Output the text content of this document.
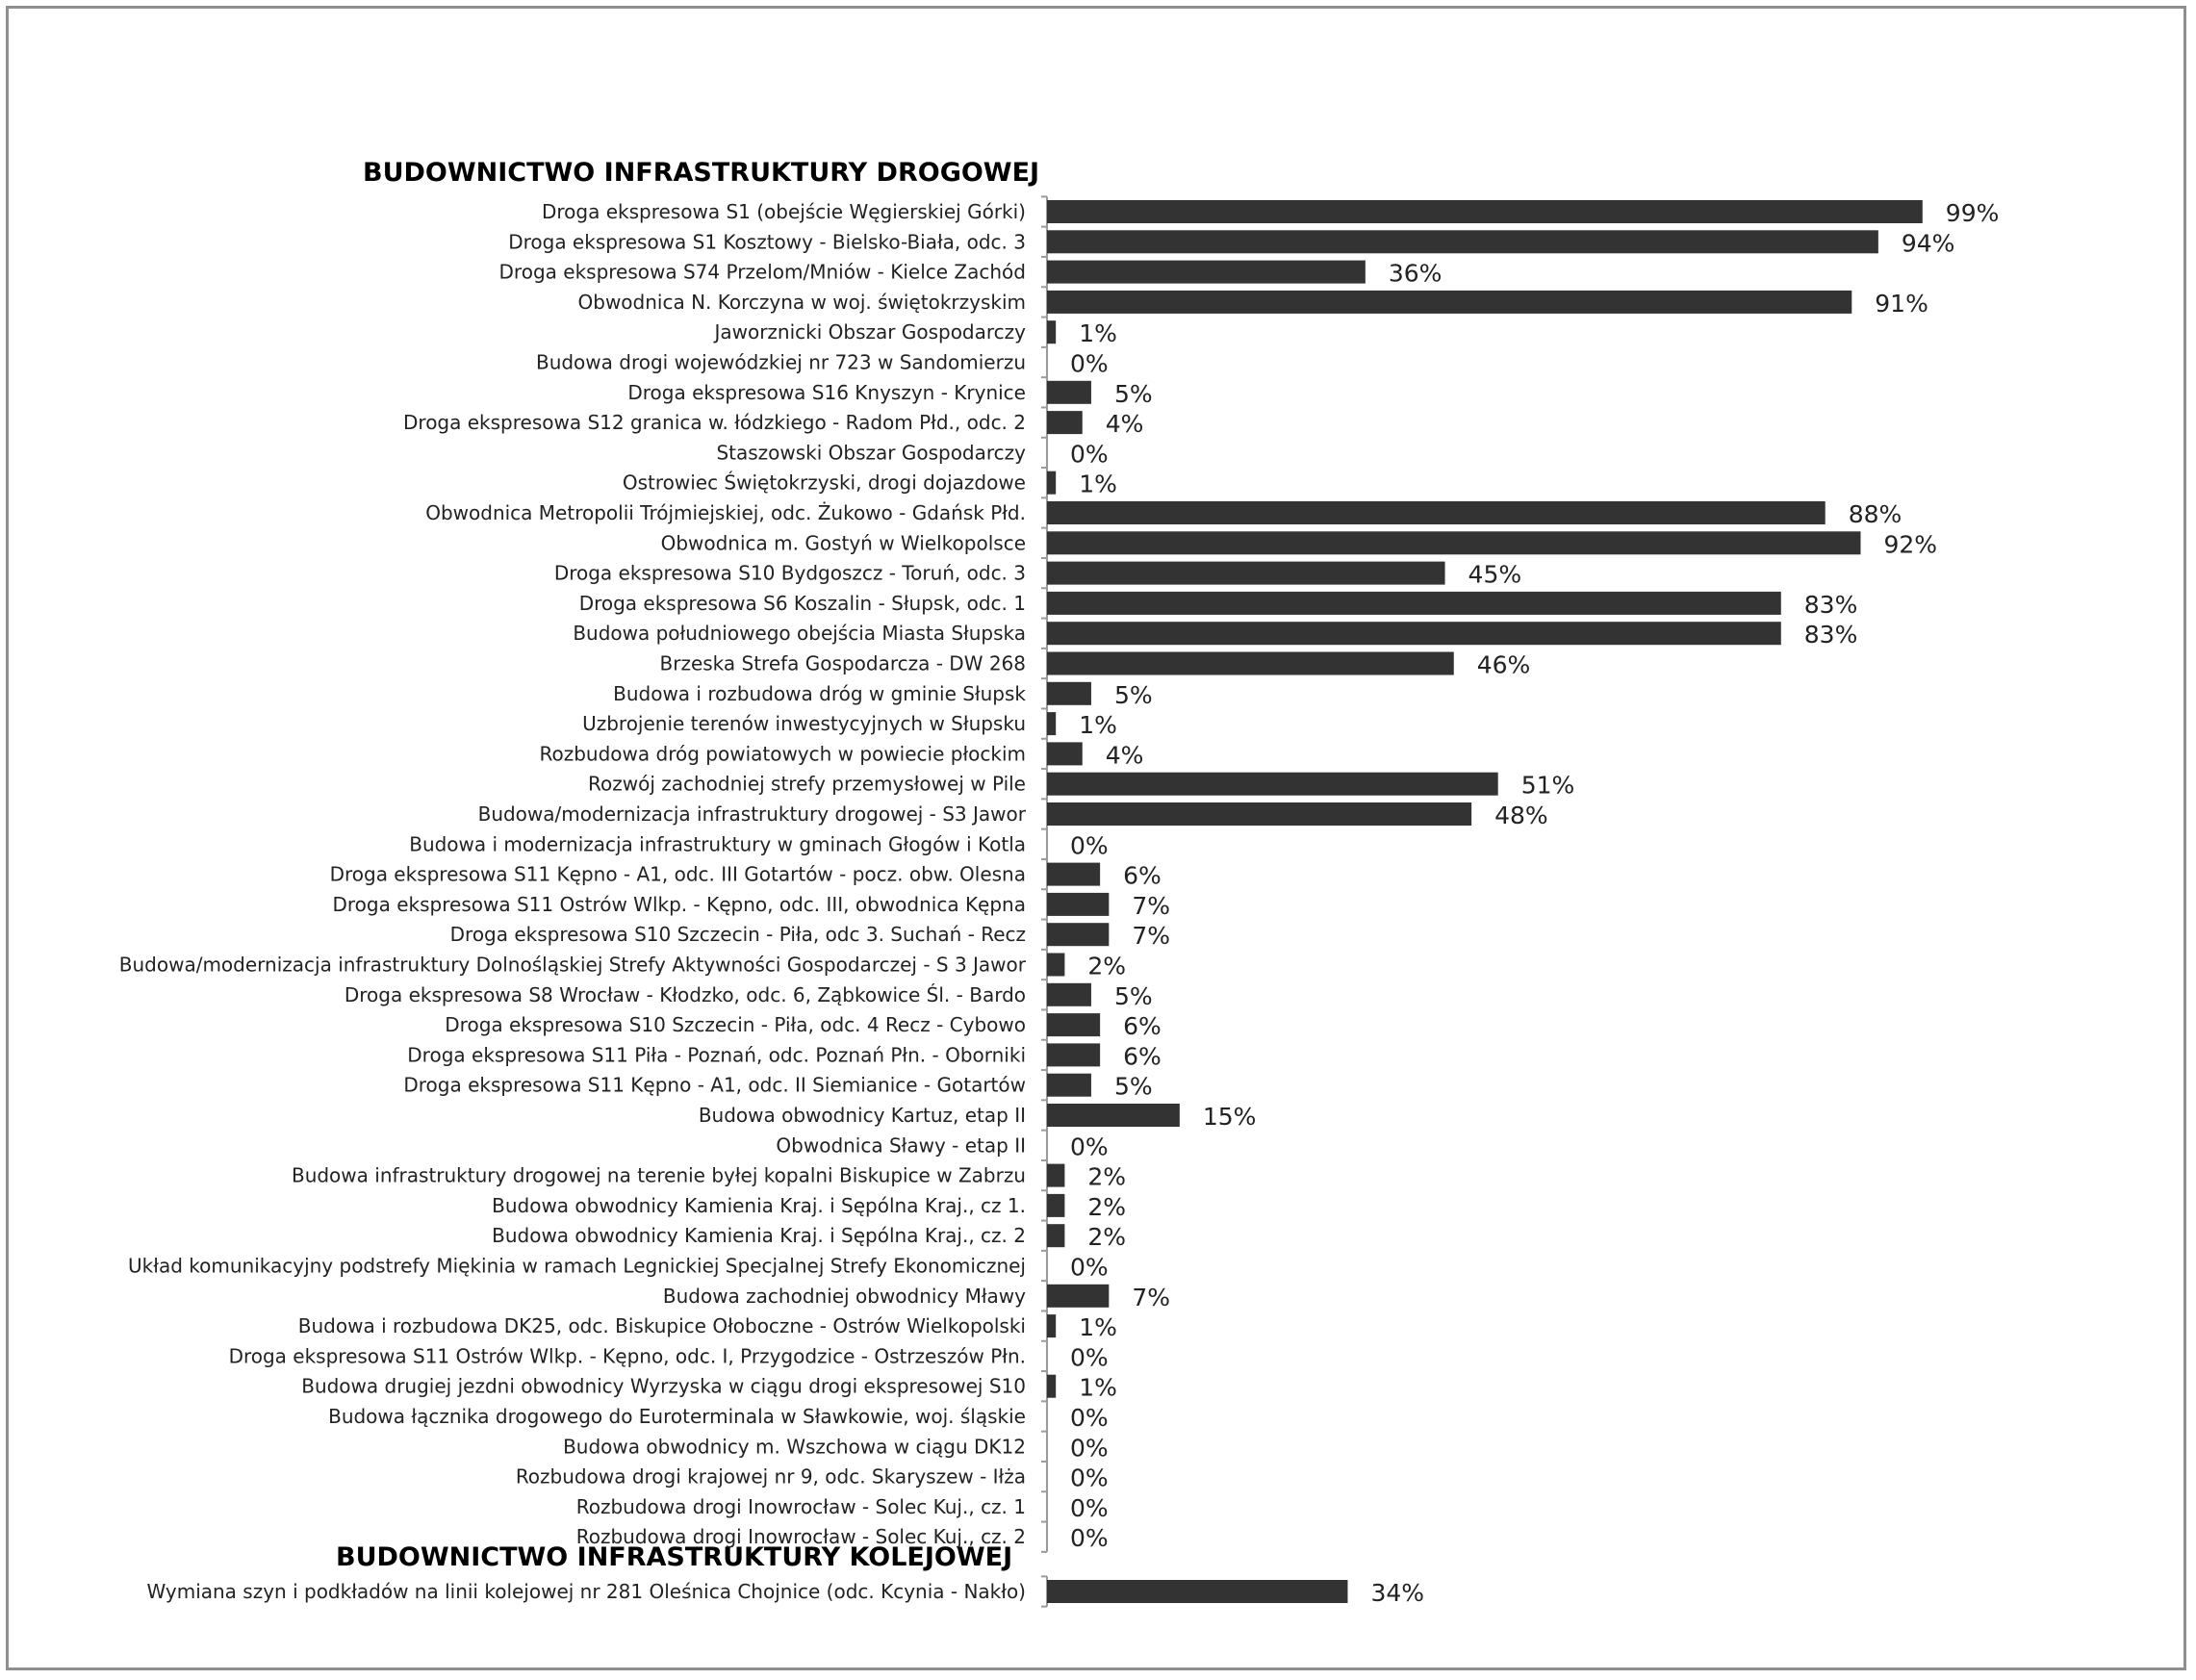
BUDOWNICTWO INFRASTRUKTURY DROGOWEJ
BUDOWNICTWO INFRASTRUKTURY KOLEJOWEJ
Droga ekspresowa S1 (obejście Węgierskiej Górki)
Droga ekspresowa S1 Kosztowy - Bielsko-Biała, odc. 3
Droga ekspresowa S74 Przelom/Mniów - Kielce Zachód
Obwodnica N. Korczyna w woj. świętokrzyskim
Jaworznicki Obszar Gospodarczy
Budowa drogi wojewódzkiej nr 723 w Sandomierzu
Droga ekspresowa S16 Knyszyn - Krynice
Droga ekspresowa S12 granica w. łódzkiego - Radom Płd., odc. 2
Staszowski Obszar Gospodarczy
Ostrowiec Świętokrzyski, drogi dojazdowe
Obwodnica Metropolii Trójmiejskiej, odc. Żukowo - Gdańsk Płd.
Obwodnica m. Gostyń w Wielkopolsce
Droga ekspresowa S10 Bydgoszcz - Toruń, odc. 3
Droga ekspresowa S6 Koszalin - Słupsk, odc. 1
Budowa południowego obejścia Miasta Słupska
Brzeska Strefa Gospodarcza - DW 268
Budowa i rozbudowa dróg w gminie Słupsk
Uzbrojenie terenów inwestycyjnych w Słupsku
Rozbudowa dróg powiatowych w powiecie płockim
Rozwój zachodniej strefy przemysłowej w Pile
Budowa/modernizacja infrastruktury drogowej - S3 Jawor
Budowa i modernizacja infrastruktury w gminach Głogów i Kotla
Droga ekspresowa S11 Kępno - A1, odc. III Gotartów - pocz. obw. Olesna
Droga ekspresowa S11 Ostrów Wlkp. - Kępno, odc. III, obwodnica Kępna
Droga ekspresowa S10 Szczecin - Piła, odc 3. Suchań - Recz
Budowa/modernizacja infrastruktury Dolnośląskiej Strefy Aktywności Gospodarczej - S 3 Jawor
Droga ekspresowa S8 Wrocław - Kłodzko, odc. 6, Ząbkowice Śl. - Bardo
Droga ekspresowa S10 Szczecin - Piła, odc. 4 Recz - Cybowo
Droga ekspresowa S11 Piła - Poznań, odc. Poznań Płn. - Oborniki
Droga ekspresowa S11 Kępno - A1, odc. II Siemianice - Gotartów
Budowa obwodnicy Kartuz, etap II
Obwodnica Sławy - etap II
Budowa infrastruktury drogowej na terenie byłej kopalni Biskupice w Zabrzu
Budowa obwodnicy Kamienia Kraj. i Sępólna Kraj., cz 1.
Budowa obwodnicy Kamienia Kraj. i Sępólna Kraj., cz. 2
Układ komunikacyjny podstrefy Miękinia w ramach Legnickiej Specjalnej Strefy Ekonomicznej
Budowa zachodniej obwodnicy Mławy
Budowa i rozbudowa DK25, odc. Biskupice Ołoboczne - Ostrów Wielkopolski
Droga ekspresowa S11 Ostrów Wlkp. - Kępno, odc. I, Przygodzice - Ostrzeszów Płn.
Budowa drugiej jezdni obwodnicy Wyrzyska w ciągu drogi ekspresowej S10
Budowa łącznika drogowego do Euroterminala w Sławkowie, woj. śląskie
Budowa obwodnicy m. Wszchowa w ciągu DK12
Rozbudowa drogi krajowej nr 9, odc. Skaryszew - Iłża
Rozbudowa drogi Inowrocław - Solec Kuj., cz. 1
Rozbudowa drogi Inowrocław - Solec Kuj., cz. 2
Wymiana szyn i podkładów na linii kolejowej nr 281 Oleśnica Chojnice (odc. Kcynia - Nakło)
99%
94%
36%
91%
1%
0%
5%
4%
0%
1%
88%
92%
45%
83%
83%
46%
5%
1%
4%
51%
48%
0%
6%
7%
7%
2%
5%
6%
6%
5%
15%
0%
2%
2%
2%
0%
7%
1%
0%
1%
0%
0%
0%
0%
0%
34%
